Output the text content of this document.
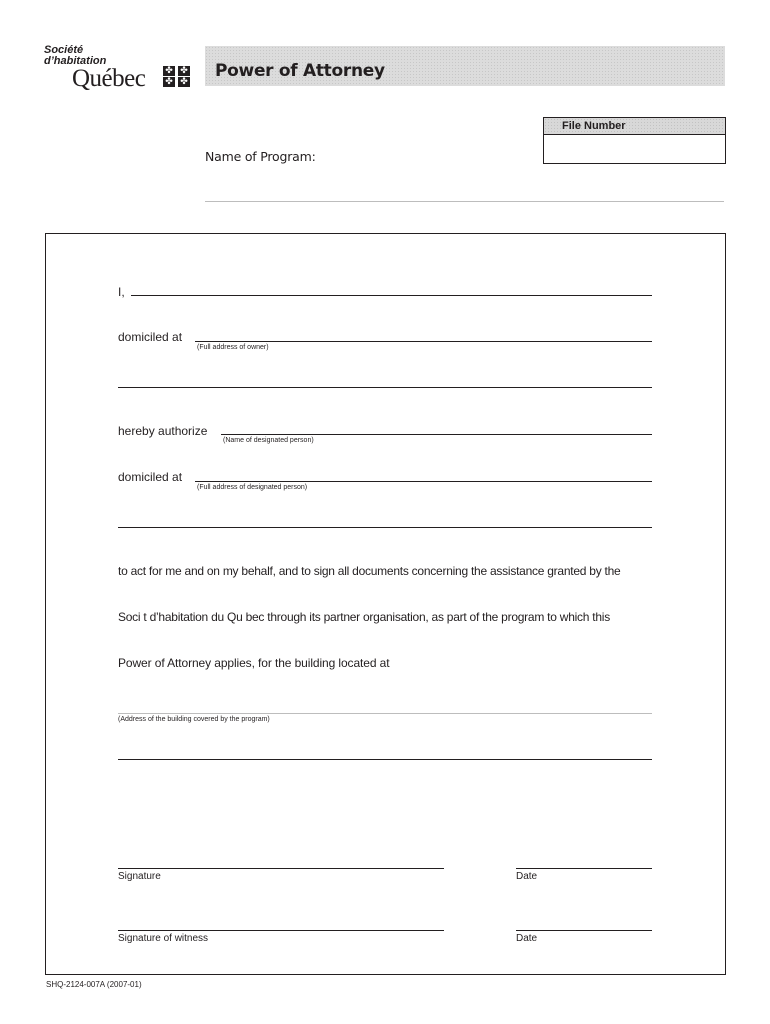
Société
d’habitation
Québec ✤ ✤
✤ ✤
Power of Attorney
File Number
Name of Program:
I,
domiciled at
(Full address of owner)
hereby authorize
(Name of designated person)
domiciled at
(Full address of designated person)
to act for me and on my behalf, and to sign all documents concerning the assistance granted by the
Soci t d’habitation du Qu bec through its partner organisation, as part of the program to which this
Power of Attorney applies, for the building located at
(Address of the building covered by the program)
Signature	Date
Signature of witness	Date
SHQ-2124-007A (2007-01)
